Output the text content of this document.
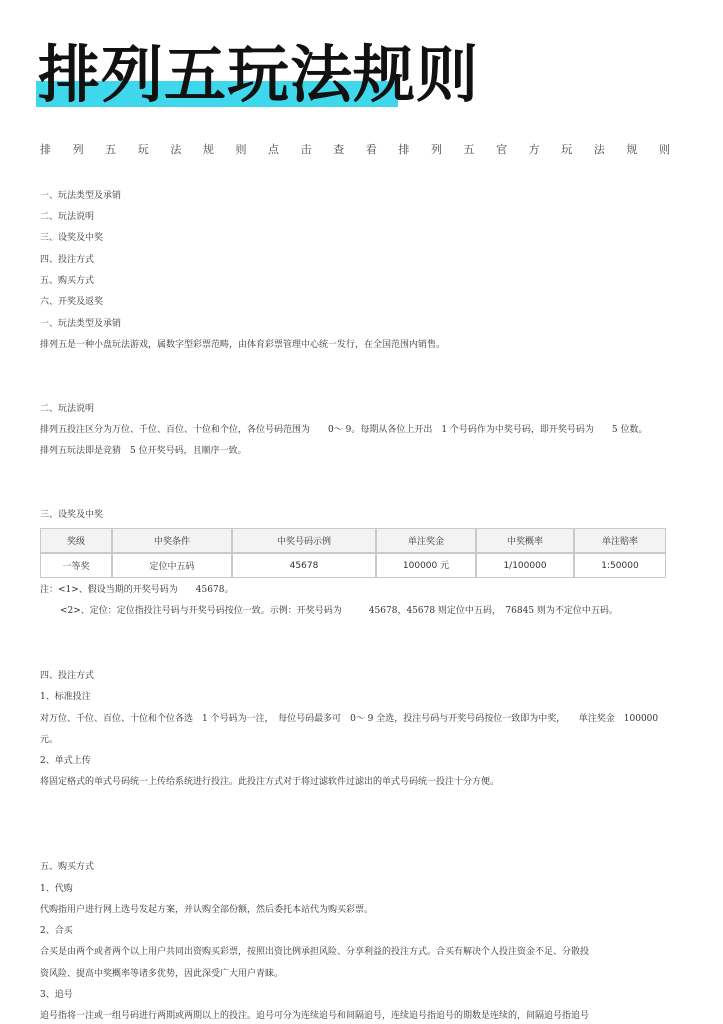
排列五玩法规则
排 列 五 玩 法 规 则 点 击 查 看 排 列 五 官 方 玩 法 规 则
一、玩法类型及承销
二、玩法说明
三、设奖及中奖
四、投注方式
五、购买方式
六、开奖及返奖
一、玩法类型及承销
排列五是一种小盘玩法游戏，属数字型彩票范畴，由体育彩票管理中心统一发行，在全国范围内销售。
二、玩法说明
排列五投注区分为万位、千位、百位、十位和个位，各位号码范围为　　0～ 9。每期从各位上开出　1 个号码作为中奖号码，即开奖号码为　　5 位数。
排列五玩法即是竞猜　5 位开奖号码，且顺序一致。
三、设奖及中奖
奖级	中奖条件	中奖号码示例	单注奖金	中奖概率	单注赔率
一等奖	定位中五码	45678	100000 元	1/100000	1:50000
注：<1>、假设当期的开奖号码为　　45678。
<2>、定位：定位指投注号码与开奖号码按位一致。示例：开奖号码为　　　45678，45678 则定位中五码，　76845 则为不定位中五码。
四、投注方式
1、标准投注
对万位、千位、百位、十位和个位各选　1 个号码为一注，　每位号码最多可　0～ 9 全选，投注号码与开奖号码按位一致即为中奖，　　单注奖金　100000
元。
2、单式上传
将固定格式的单式号码统一上传给系统进行投注。此投注方式对于将过滤软件过滤出的单式号码统一投注十分方便。
五、购买方式
1、代购
代购指用户进行网上选号发起方案，并认购全部份额，然后委托本站代为购买彩票。
2、合买
合买是由两个或者两个以上用户共同出资购买彩票，按照出资比例承担风险、分享利益的投注方式。合买有解决个人投注资金不足、分散投
资风险、提高中奖概率等诸多优势，因此深受广大用户青睐。
3、追号
追号指将一注或一组号码进行两期或两期以上的投注。追号可分为连续追号和间隔追号，连续追号指追号的期数是连续的，间隔追号指追号
